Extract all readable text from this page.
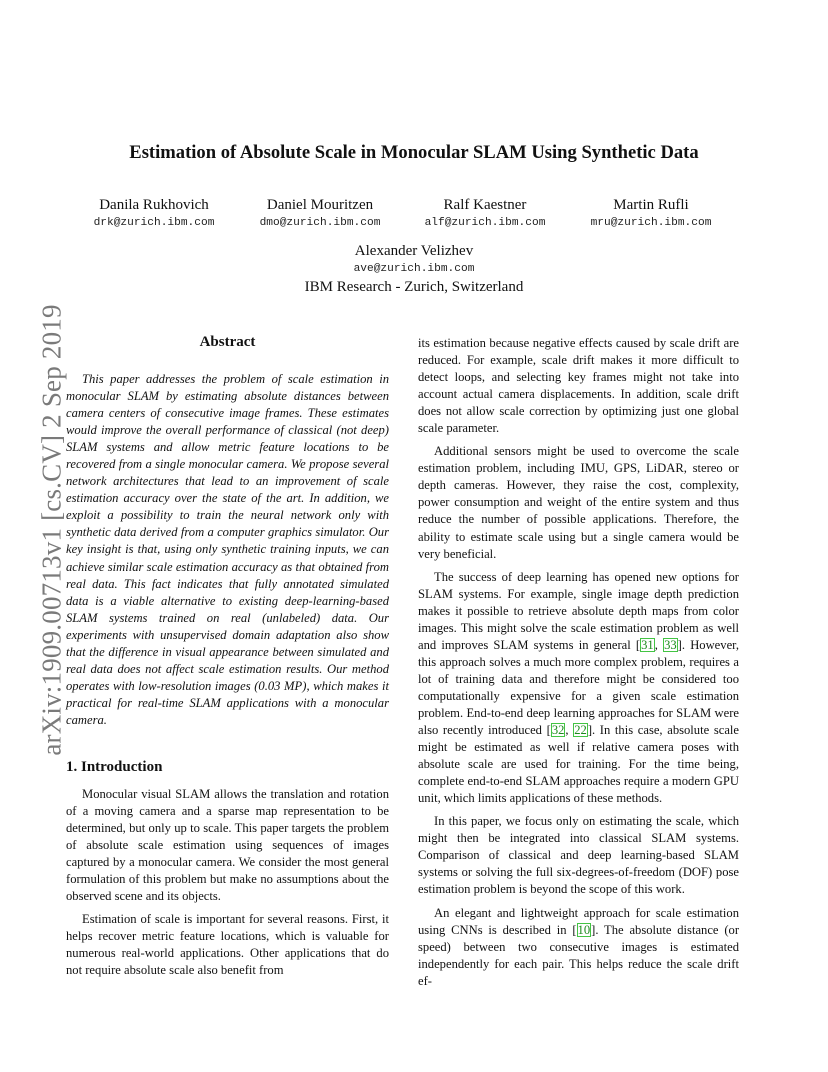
arXiv:1909.00713v1 [cs.CV] 2 Sep 2019
Estimation of Absolute Scale in Monocular SLAM Using Synthetic Data
Danila Rukhovich
drk@zurich.ibm.com
Daniel Mouritzen
dmo@zurich.ibm.com
Ralf Kaestner
alf@zurich.ibm.com
Martin Rufli
mru@zurich.ibm.com
Alexander Velizhev
ave@zurich.ibm.com
IBM Research - Zurich, Switzerland
Abstract

This paper addresses the problem of scale estimation in monocular SLAM by estimating absolute distances between camera centers of consecutive image frames. These estimates would improve the overall performance of classical (not deep) SLAM systems and allow metric feature locations to be recovered from a single monocular camera. We propose several network architectures that lead to an improvement of scale estimation accuracy over the state of the art. In addition, we exploit a possibility to train the neural network only with synthetic data derived from a computer graphics simulator. Our key insight is that, using only synthetic training inputs, we can achieve similar scale estimation accuracy as that obtained from real data. This fact indicates that fully annotated simulated data is a viable alternative to existing deep-learning-based SLAM systems trained on real (unlabeled) data. Our experiments with unsupervised domain adaptation also show that the difference in visual appearance between simulated and real data does not affect scale estimation results. Our method operates with low-resolution images (0.03 MP), which makes it practical for real-time SLAM applications with a monocular camera.

1. Introduction

Monocular visual SLAM allows the translation and rotation of a moving camera and a sparse map representation to be determined, but only up to scale. This paper targets the problem of absolute scale estimation using sequences of images captured by a monocular camera. We consider the most general formulation of this problem but make no assumptions about the observed scene and its objects.

Estimation of scale is important for several reasons. First, it helps recover metric feature locations, which is valuable for numerous real-world applications. Other applications that do not require absolute scale also benefit from

its estimation because negative effects caused by scale drift are reduced. For example, scale drift makes it more difficult to detect loops, and selecting key frames might not take into account actual camera displacements. In addition, scale drift does not allow scale correction by optimizing just one global scale parameter.

Additional sensors might be used to overcome the scale estimation problem, including IMU, GPS, LiDAR, stereo or depth cameras. However, they raise the cost, complexity, power consumption and weight of the entire system and thus reduce the number of possible applications. Therefore, the ability to estimate scale using but a single camera would be very beneficial.

The success of deep learning has opened new options for SLAM systems. For example, single image depth prediction makes it possible to retrieve absolute depth maps from color images. This might solve the scale estimation problem as well and improves SLAM systems in general [31, 33]. However, this approach solves a much more complex problem, requires a lot of training data and therefore might be considered too computationally expensive for a given scale estimation problem. End-to-end deep learning approaches for SLAM were also recently introduced [32, 22]. In this case, absolute scale might be estimated as well if relative camera poses with absolute scale are used for training. For the time being, complete end-to-end SLAM approaches require a modern GPU unit, which limits applications of these methods.

In this paper, we focus only on estimating the scale, which might then be integrated into classical SLAM systems. Comparison of classical and deep learning-based SLAM systems or solving the full six-degrees-of-freedom (DOF) pose estimation problem is beyond the scope of this work.

An elegant and lightweight approach for scale estimation using CNNs is described in [10]. The absolute distance (or speed) between two consecutive images is estimated independently for each pair. This helps reduce the scale drift ef-
